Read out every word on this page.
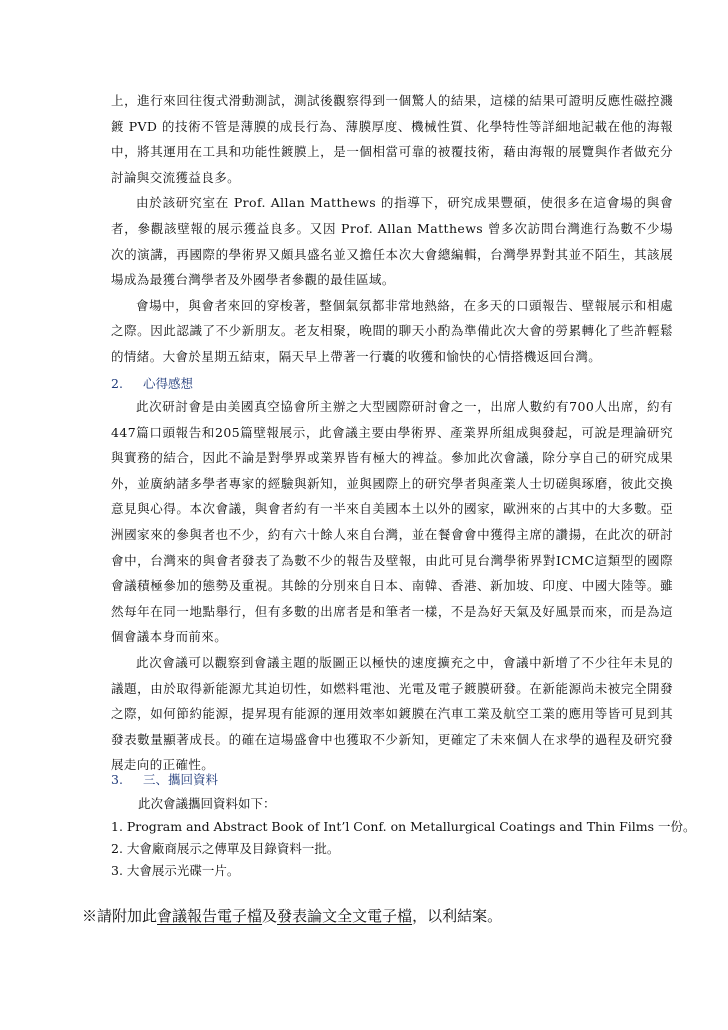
上，進行來回往復式滑動測試，測試後觀察得到一個驚人的結果，這樣的結果可證明反應性磁控濺鍍 PVD 的技術不管是薄膜的成長行為、薄膜厚度、機械性質、化學特性等詳細地記載在他的海報中，將其運用在工具和功能性鍍膜上，是一個相當可靠的被覆技術，藉由海報的展覽與作者做充分討論與交流獲益良多。

由於該研究室在 Prof. Allan Matthews 的指導下，研究成果豐碩，使很多在這會場的與會者，參觀該壁報的展示獲益良多。又因 Prof. Allan Matthews 曾多次訪問台灣進行為數不少場次的演講，再國際的學術界又頗具盛名並又擔任本次大會總編輯，台灣學界對其並不陌生，其該展場成為最獲台灣學者及外國學者參觀的最佳區域。

會場中，與會者來回的穿梭著，整個氣氛都非常地熱絡，在多天的口頭報告、壁報展示和相處之際。因此認識了不少新朋友。老友相聚，晚間的聊天小酌為準備此次大會的勞累轉化了些許輕鬆的情緒。大會於星期五結束，隔天早上帶著一行囊的收獲和愉快的心情搭機返回台灣。

2. 心得感想

此次研討會是由美國真空協會所主辦之大型國際研討會之一，出席人數約有700人出席，約有447篇口頭報告和205篇壁報展示，此會議主要由學術界、產業界所組成與發起，可說是理論研究與實務的結合，因此不論是對學界或業界皆有極大的裨益。參加此次會議，除分享自己的研究成果外，並廣納諸多學者專家的經驗與新知，並與國際上的研究學者與產業人士切磋與琢磨，彼此交換意見與心得。本次會議，與會者約有一半來自美國本土以外的國家，歐洲來的占其中的大多數。亞洲國家來的參與者也不少，約有六十餘人來自台灣，並在餐會會中獲得主席的讚揚，在此次的研討會中，台灣來的與會者發表了為數不少的報告及壁報，由此可見台灣學術界對ICMC這類型的國際會議積極參加的態勢及重視。其餘的分別來自日本、南韓、香港、新加坡、印度、中國大陸等。雖然每年在同一地點舉行，但有多數的出席者是和筆者一樣，不是為好天氣及好風景而來，而是為這個會議本身而前來。

此次會議可以觀察到會議主題的版圖正以極快的速度擴充之中，會議中新增了不少往年未見的議題，由於取得新能源尤其迫切性，如燃料電池、光電及電子鍍膜研發。在新能源尚未被完全開發之際，如何節約能源，提昇現有能源的運用效率如鍍膜在汽車工業及航空工業的應用等皆可見到其發表數量顯著成長。的確在這場盛會中也獲取不少新知，更確定了未來個人在求學的過程及研究發展走向的正確性。

3. 三、攜回資料
此次會議攜回資料如下：
1. Program and Abstract Book of Int’l Conf. on Metallurgical Coatings and Thin Films 一份。
2. 大會廠商展示之傳單及目錄資料一批。
3. 大會展示光碟一片。
※請附加此會議報告電子檔及發表論文全文電子檔，以利結案。
